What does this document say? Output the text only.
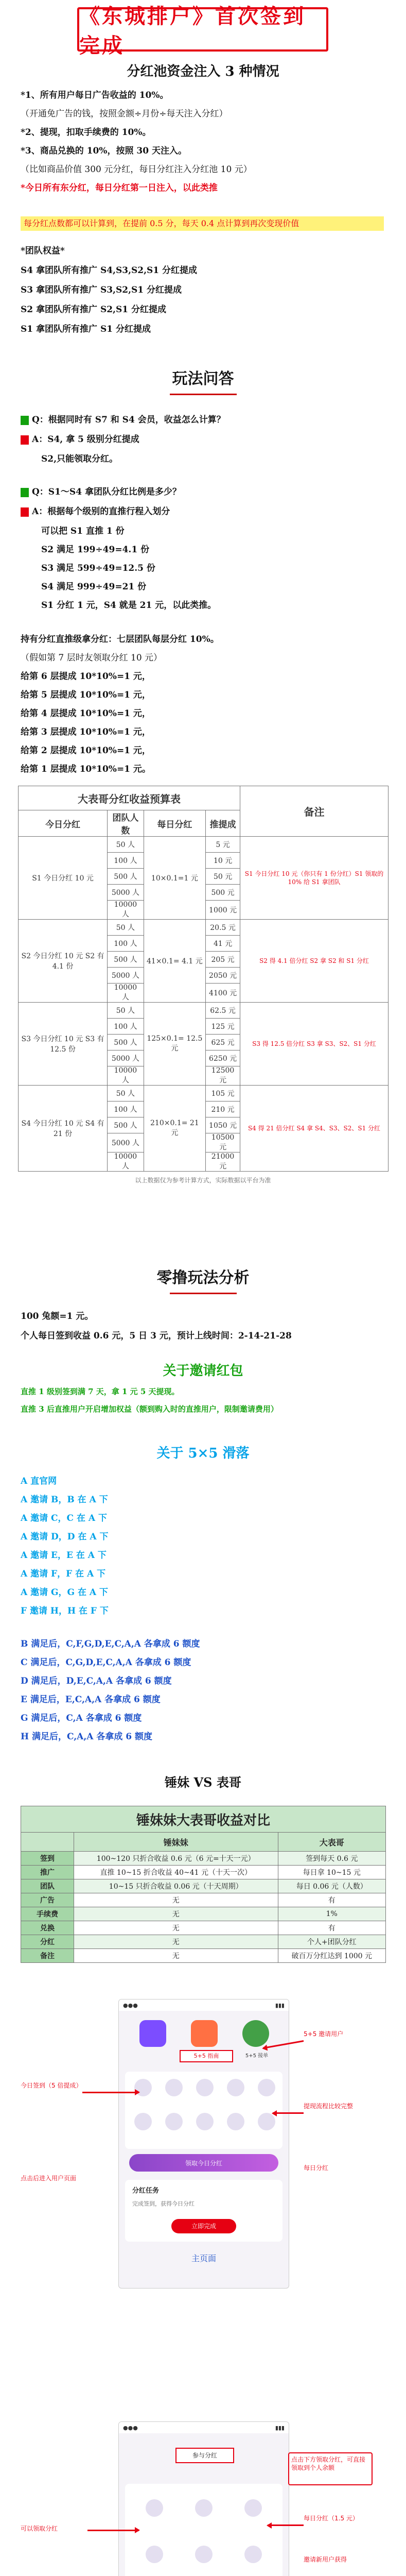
《东城排户》首次签到完成
分红池资金注入 3 种情况
*1、所有用户每日广告收益的 10%。
（开通免广告的钱，按照金额÷月份÷每天注入分红）
*2、提现，扣取手续费的 10%。
*3、商品兑换的 10%，按照 30 天注入。
（比如商品价值 300 元分红，每日分红注入分红池 10 元）
*今日所有东分红，每日分红第一日注入，以此类推
每分红点数都可以计算到，在提前 0.5 分，每天 0.4 点计算到再次变现价值
*团队权益*
S4 拿团队所有推广 S4,S3,S2,S1 分红提成
S3 拿团队所有推广 S3,S2,S1 分红提成
S2 拿团队所有推广 S2,S1 分红提成
S1 拿团队所有推广 S1 分红提成
玩法问答
Q：根据同时有 S7 和 S4 会员，收益怎么计算？
A：S4, 拿 5 级别分红提成
S2,只能领取分红。
Q：S1～S4 拿团队分红比例是多少？
A：根据每个级别的直推行程入划分
可以把 S1 直推 1 份
S2 满足 199÷49=4.1 份
S3 满足 599÷49=12.5 份
S4 满足 999÷49=21 份
S1 分红 1 元，S4 就是 21 元，以此类推。
持有分红直推级拿分红：七层团队每层分红 10%。
（假如第 7 层时友领取分红 10 元）
给第 6 层提成 10*10%=1 元，
给第 5 层提成 10*10%=1 元，
给第 4 层提成 10*10%=1 元，
给第 3 层提成 10*10%=1 元，
给第 2 层提成 10*10%=1 元，
给第 1 层提成 10*10%=1 元。
大表哥分红收益预算表				备注
今日分红	团队人数	每日分红	推提成	
S1 今日分红 10 元	50 人	10×0.1=1 元	5 元	S1 今日分红 10 元（你只有 1 份分红）S1 领取的 10% 给 S1 拿团队
	100 人		10 元	
	500 人		50 元	
	5000 人		500 元	
	10000 人		1000 元	
S2 今日分红 10 元 S2 有 4.1 份	50 人	41×0.1= 4.1 元	20.5 元	S2 得 4.1 倍分红 S2 拿 S2 和 S1 分红
	100 人		41 元	
	500 人		205 元	
	5000 人		2050 元	
	10000 人		4100 元	
S3 今日分红 10 元 S3 有 12.5 份	50 人	125×0.1= 12.5 元	62.5 元	S3 得 12.5 倍分红 S3 拿 S3、S2、S1 分红
	100 人		125 元	
	500 人		625 元	
	5000 人		6250 元	
	10000 人		12500 元	
S4 今日分红 10 元 S4 有 21 份	50 人	210×0.1= 21 元	105 元	S4 得 21 倍分红 S4 拿 S4、S3、S2、S1 分红
	100 人		210 元	
	500 人		1050 元	
	5000 人		10500 元	
	10000 人		21000 元	
以上数据仅为参考计算方式，实际数据以平台为准
零撸玩法分析
100 兔额=1 元。
个人每日签到收益 0.6 元，5 日 3 元，预计上线时间：2-14-21-28
关于邀请红包
直推 1 级别签到满 7 天，拿 1 元 5 天提现。
直推 3 后直推用户开启增加权益（额到购入时的直推用户，限制邀请费用）
关于 5×5 滑落
A 直官网
A 邀请 B，B 在 A 下
A 邀请 C，C 在 A 下
A 邀请 D，D 在 A 下
A 邀请 E，E 在 A 下
A 邀请 F，F 在 A 下
A 邀请 G，G 在 A 下
F 邀请 H，H 在 F 下
B 满足后，C,F,G,D,E,C,A,A 各拿成 6 额度
C 满足后，C,G,D,E,C,A,A 各拿成 6 额度
D 满足后，D,E,C,A,A 各拿成 6 额度
E 满足后，E,C,A,A 各拿成 6 额度
G 满足后，C,A 各拿成 6 额度
H 满足后，C,A,A 各拿成 6 额度
锤妹 VS 表哥
锤妹妹大表哥收益对比		
	锤妹妹	大表哥
签到	100~120 只折合收益 0.6 元（6 元=十天一元）	签到每天 0.6 元
推广	直推 10~15 折合收益 40~41 元（十天一次）	每日拿 10~15 元
团队	10~15 只折合收益 0.06 元（十天周期）	每日 0.06 元（人数）
广告	无	有
手续费	无	1%
兑换	无	有
分红	无	个人+团队分红
备注	无	破百万分红达到 1000 元
●●●	▮▮▮
5+5 指南	5+5 接单
领取今日分红
分红任务
完成签到，获得今日分红
立即完成
主页面
今日签到（5 倍提成）
5+5 邀请用户
提现流程比较完整
每日分红
点击后进入用户页面
●●●	▮▮▮
参与分红
点击下方领取分红，可直接领取到个人余额
可以领取分红
每日分红（1.5 元）
邀请新用户获得
